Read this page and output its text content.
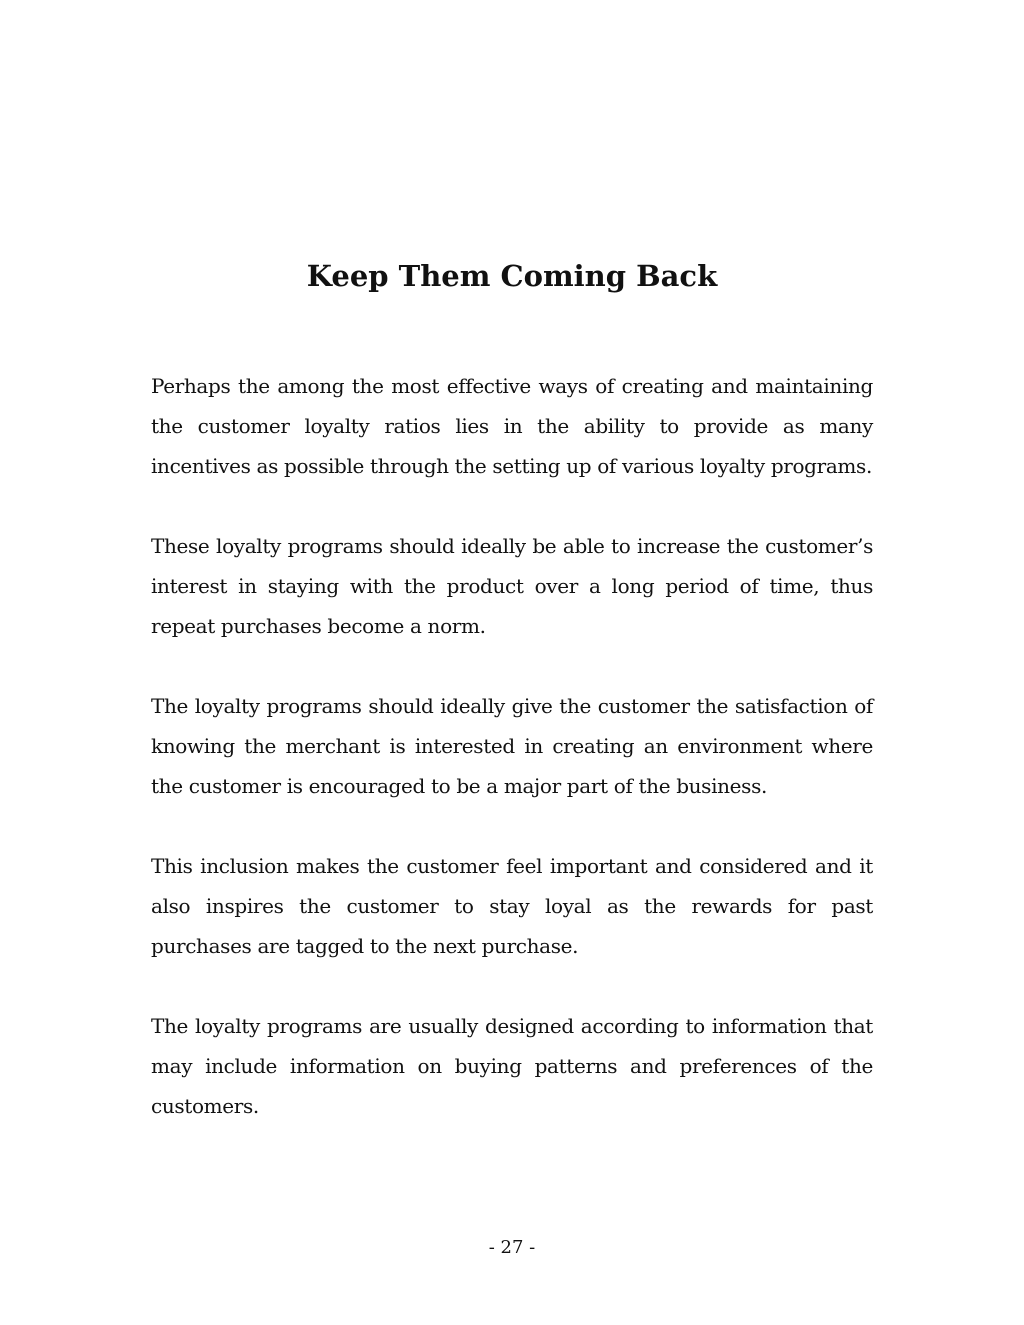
Keep Them Coming Back

Perhaps the among the most effective ways of creating and maintaining the customer loyalty ratios lies in the ability to provide as many incentives as possible through the setting up of various loyalty programs.

These loyalty programs should ideally be able to increase the customer’s interest in staying with the product over a long period of time, thus repeat purchases become a norm.

The loyalty programs should ideally give the customer the satisfaction of knowing the merchant is interested in creating an environment where the customer is encouraged to be a major part of the business.

This inclusion makes the customer feel important and considered and it also inspires the customer to stay loyal as the rewards for past purchases are tagged to the next purchase.

The loyalty programs are usually designed according to information that may include information on buying patterns and preferences of the customers.

- 27 -
